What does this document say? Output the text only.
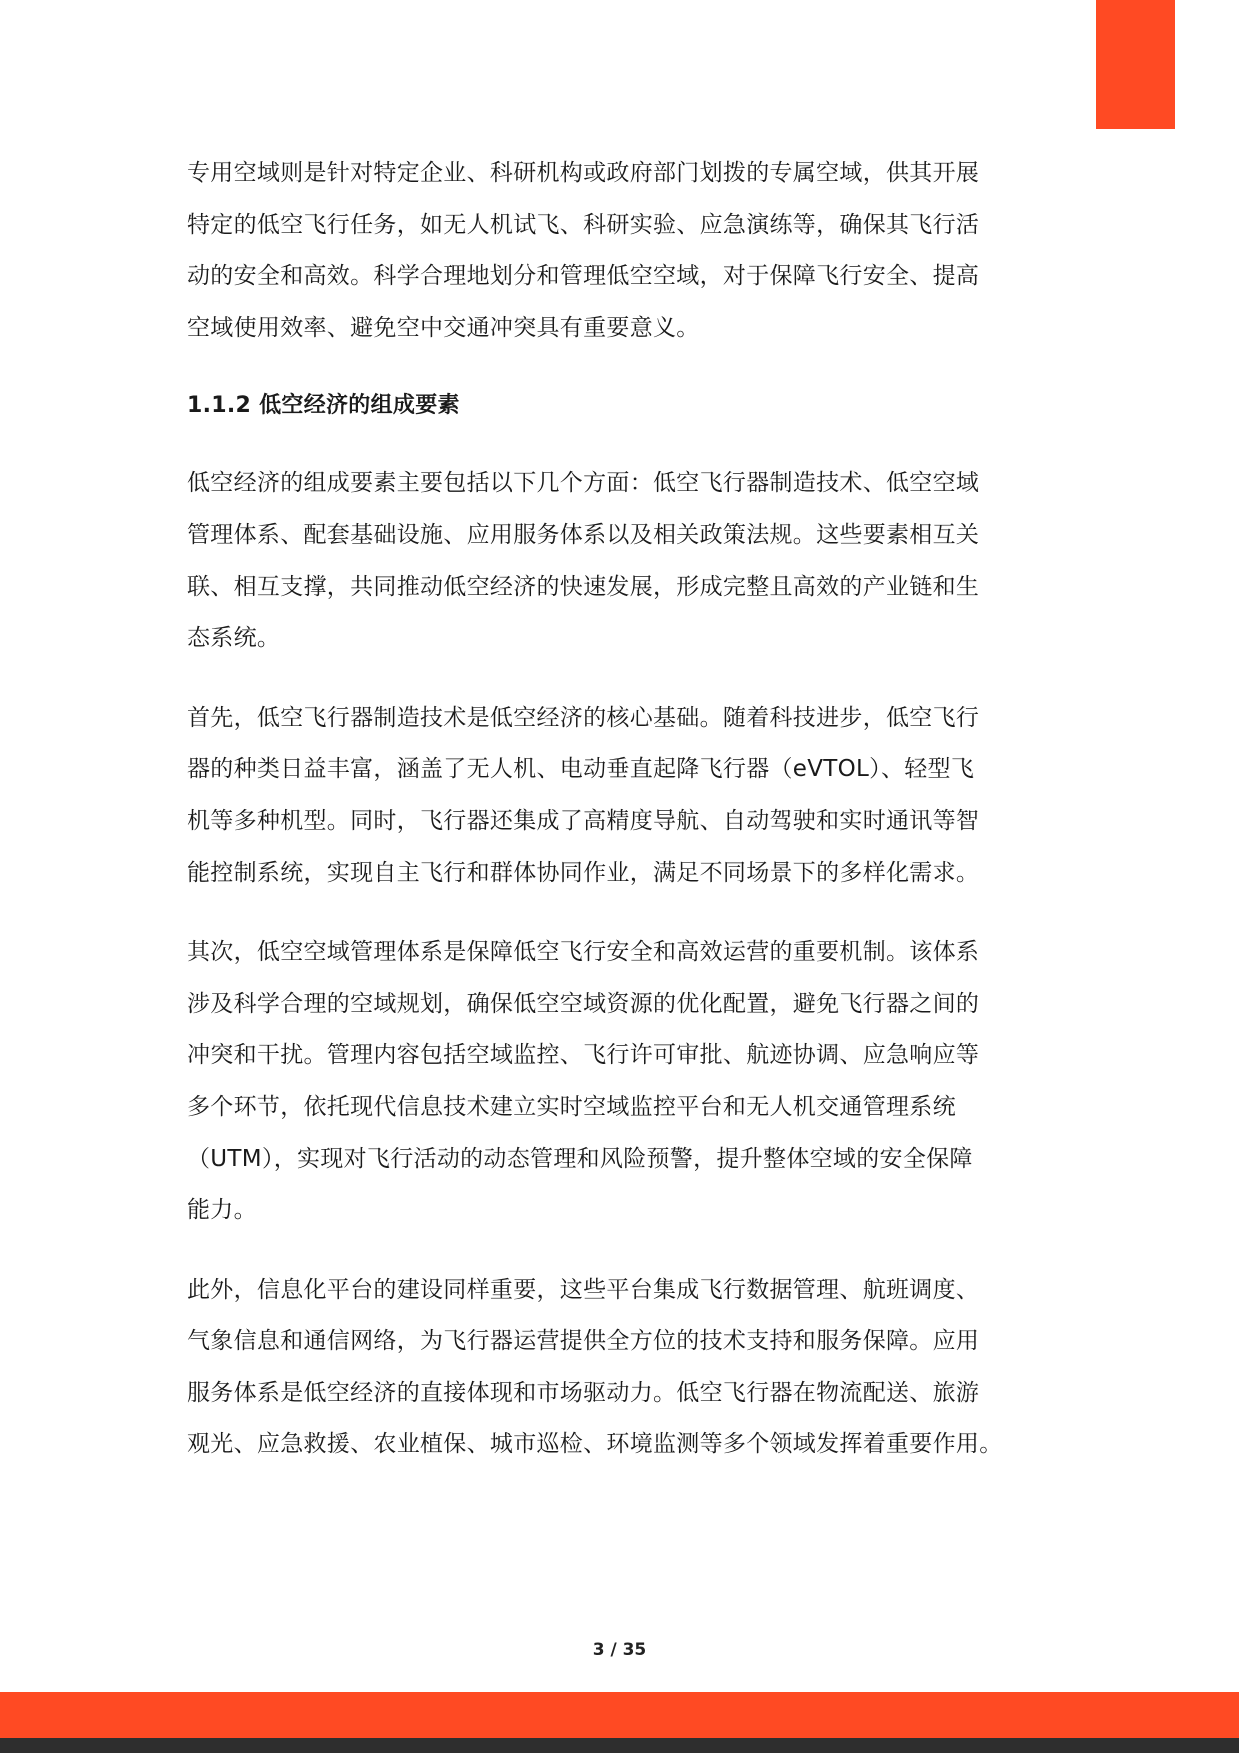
专用空域则是针对特定企业、科研机构或政府部门划拨的专属空域，供其开展
特定的低空飞行任务，如无人机试飞、科研实验、应急演练等，确保其飞行活
动的安全和高效。科学合理地划分和管理低空空域，对于保障飞行安全、提高
空域使用效率、避免空中交通冲突具有重要意义。

1.1.2 低空经济的组成要素

低空经济的组成要素主要包括以下几个方面：低空飞行器制造技术、低空空域
管理体系、配套基础设施、应用服务体系以及相关政策法规。这些要素相互关
联、相互支撑，共同推动低空经济的快速发展，形成完整且高效的产业链和生
态系统。

首先，低空飞行器制造技术是低空经济的核心基础。随着科技进步，低空飞行
器的种类日益丰富，涵盖了无人机、电动垂直起降飞行器（eVTOL）、轻型飞
机等多种机型。同时，飞行器还集成了高精度导航、自动驾驶和实时通讯等智
能控制系统，实现自主飞行和群体协同作业，满足不同场景下的多样化需求。

其次，低空空域管理体系是保障低空飞行安全和高效运营的重要机制。该体系
涉及科学合理的空域规划，确保低空空域资源的优化配置，避免飞行器之间的
冲突和干扰。管理内容包括空域监控、飞行许可审批、航迹协调、应急响应等
多个环节，依托现代信息技术建立实时空域监控平台和无人机交通管理系统
（UTM），实现对飞行活动的动态管理和风险预警，提升整体空域的安全保障
能力。

此外，信息化平台的建设同样重要，这些平台集成飞行数据管理、航班调度、
气象信息和通信网络，为飞行器运营提供全方位的技术支持和服务保障。应用
服务体系是低空经济的直接体现和市场驱动力。低空飞行器在物流配送、旅游
观光、应急救援、农业植保、城市巡检、环境监测等多个领域发挥着重要作用。

3 / 35
